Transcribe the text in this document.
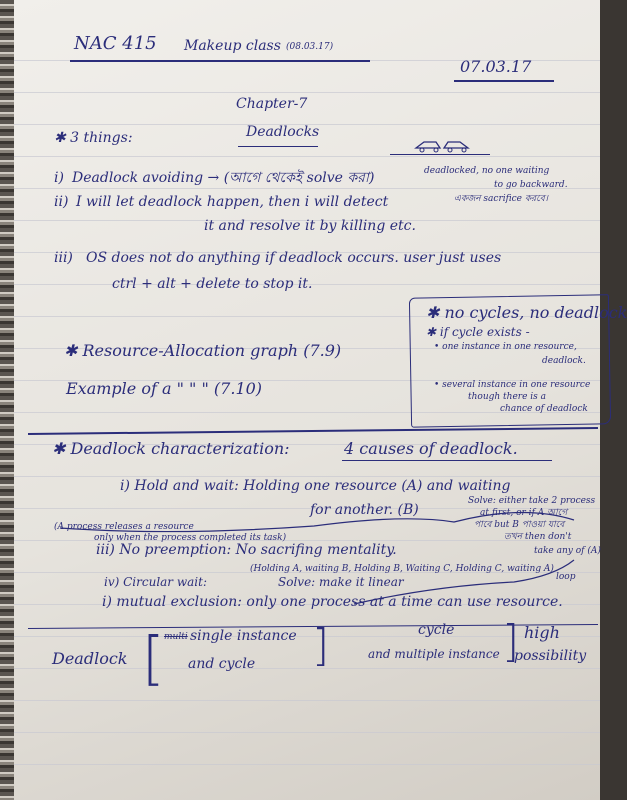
NAC 415 Makeup class (08.03.17)
07.03.17
Chapter-7
Deadlocks
✱ 3 things:
i) Deadlock avoiding → (আগে থেকেই solve করা)
ii) I will let deadlock happen, then i will detect
it and resolve it by killing etc.
iii) OS does not do anything if deadlock occurs. user just uses
ctrl + alt + delete to stop it.
deadlocked, no one waiting
to go backward.
একজন sacrifice করবে।
✱ Resource-Allocation graph (7.9)
Example of a " " " (7.10)
✱ no cycles, no deadlock
✱ if cycle exists -
• one instance in one resource,
deadlock.
• several instance in one resource
though there is a
chance of deadlock
✱ Deadlock characterization:	4 causes of deadlock.
i) Hold and wait: Holding one resource (A) and waiting
for another. (B)
Solve: either take 2 process
at first, or if A আগে
পাবে but B পাওয়া যাবে
তখন then don't
take any of (A)
(A process releases a resource
only when the process completed its task)
iii) No preemption: No sacrifing mentality.
(Holding A, waiting B, Holding B, Waiting C, Holding C, waiting A)
loop
iv) Circular wait:	Solve: make it linear
i) mutual exclusion: only one process at a time can use resource.
Deadlock [ multi single instance
and cycle ]	cycle
and multiple instance ] high
possibility
